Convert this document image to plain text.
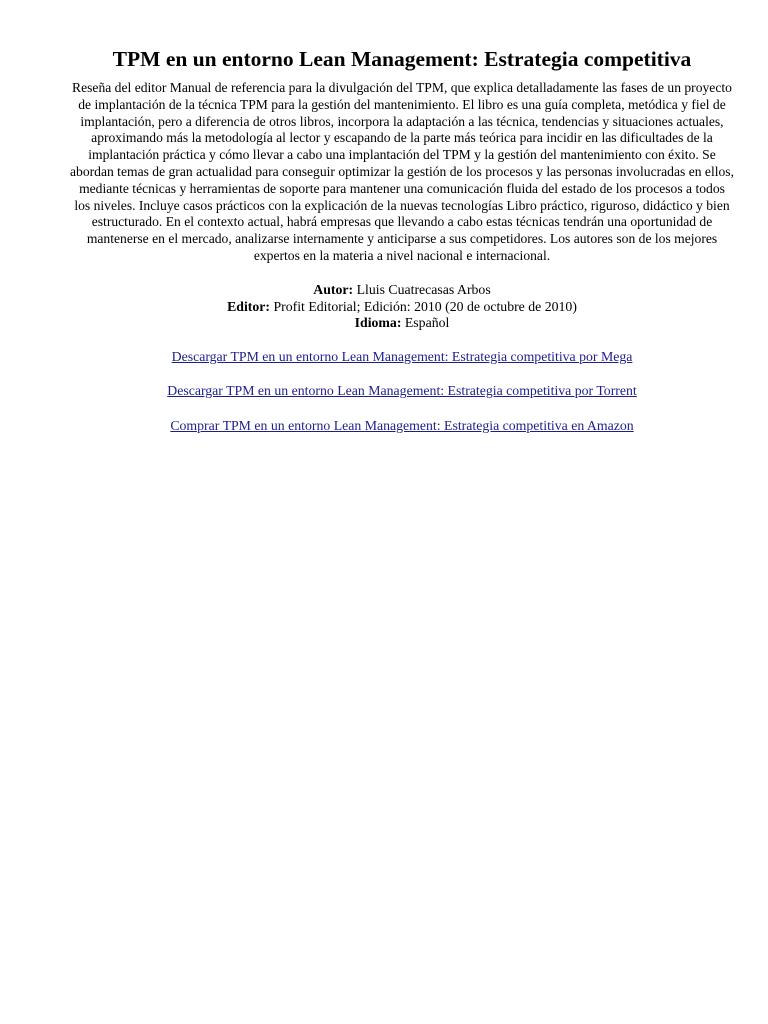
TPM en un entorno Lean Management: Estrategia competitiva
Reseña del editor Manual de referencia para la divulgación del TPM, que explica detalladamente las fases de un proyecto de implantación de la técnica TPM para la gestión del mantenimiento. El libro es una guía completa, metódica y fiel de implantación, pero a diferencia de otros libros, incorpora la adaptación a las técnica, tendencias y situaciones actuales, aproximando más la metodología al lector y escapando de la parte más teórica para incidir en las dificultades de la implantación práctica y cómo llevar a cabo una implantación del TPM y la gestión del mantenimiento con éxito. Se abordan temas de gran actualidad para conseguir optimizar la gestión de los procesos y las personas involucradas en ellos, mediante técnicas y herramientas de soporte para mantener una comunicación fluida del estado de los procesos a todos los niveles. Incluye casos prácticos con la explicación de la nuevas tecnologías Libro práctico, riguroso, didáctico y bien estructurado. En el contexto actual, habrá empresas que llevando a cabo estas técnicas tendrán una oportunidad de mantenerse en el mercado, analizarse internamente y anticiparse a sus competidores. Los autores son de los mejores expertos en la materia a nivel nacional e internacional.
Autor: Lluis Cuatrecasas Arbos
Editor: Profit Editorial; Edición: 2010 (20 de octubre de 2010)
Idioma: Español
Descargar TPM en un entorno Lean Management: Estrategia competitiva por Mega
Descargar TPM en un entorno Lean Management: Estrategia competitiva por Torrent
Comprar TPM en un entorno Lean Management: Estrategia competitiva en Amazon
